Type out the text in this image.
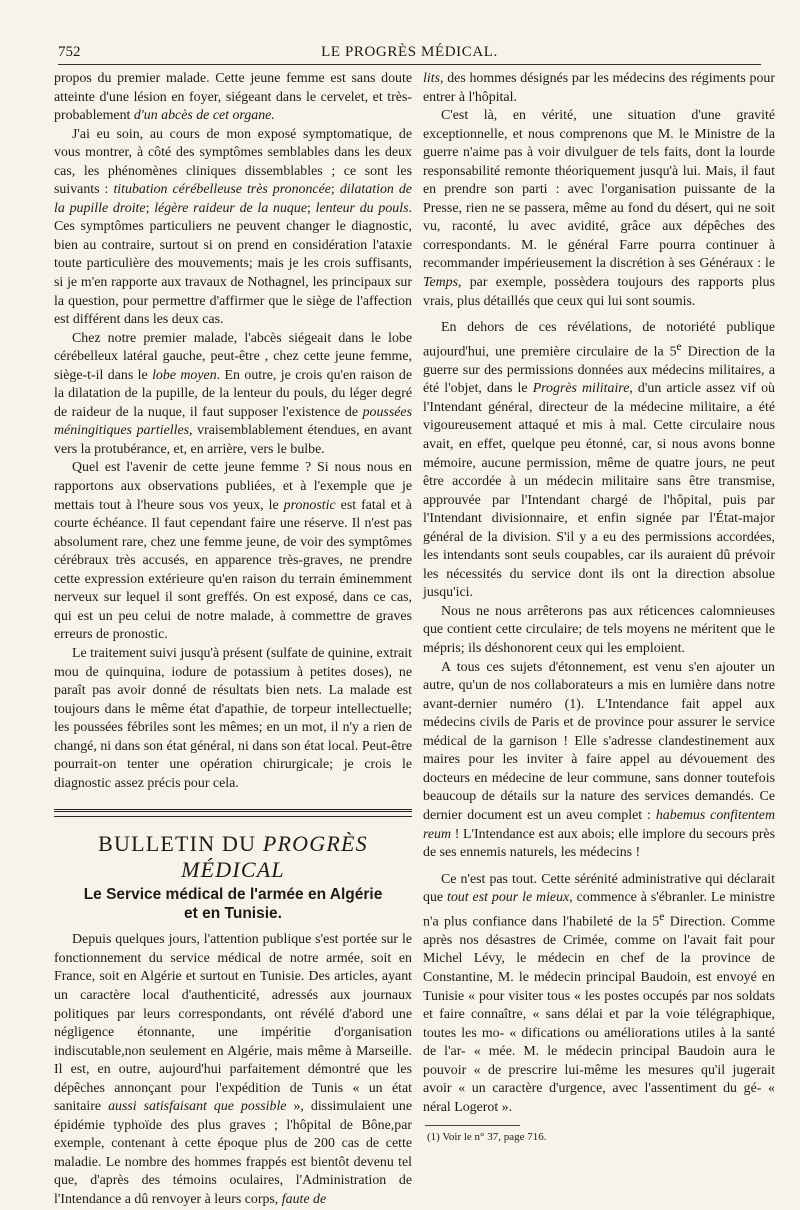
752	LE PROGRÈS MÉDICAL.

propos du premier malade. Cette jeune femme est sans doute atteinte d'une lésion en foyer, siégeant dans le cervelet, et très-probablement d'un abcès de cet organe.

J'ai eu soin, au cours de mon exposé symptomatique, de vous montrer, à côté des symptômes semblables dans les deux cas, les phénomènes cliniques dissemblables ; ce sont les suivants : titubation cérébelleuse très prononcée; dilatation de la pupille droite; légère raideur de la nuque; lenteur du pouls. Ces symptômes particuliers ne peuvent changer le diagnostic, bien au contraire, surtout si on prend en considération l'ataxie toute particulière des mouvements; mais je les crois suffisants, si je m'en rapporte aux travaux de Nothagnel, les principaux sur la question, pour permettre d'affirmer que le siège de l'affection est différent dans les deux cas.

Chez notre premier malade, l'abcès siégeait dans le lobe cérébelleux latéral gauche, peut-être , chez cette jeune femme, siège-t-il dans le lobe moyen. En outre, je crois qu'en raison de la dilatation de la pupille, de la lenteur du pouls, du léger degré de raideur de la nuque, il faut supposer l'existence de poussées méningitiques partielles, vraisemblablement étendues, en avant vers la protubérance, et, en arrière, vers le bulbe.

Quel est l'avenir de cette jeune femme ? Si nous nous en rapportons aux observations publiées, et à l'exemple que je mettais tout à l'heure sous vos yeux, le pronostic est fatal et à courte échéance. Il faut cependant faire une réserve. Il n'est pas absolument rare, chez une femme jeune, de voir des symptômes cérébraux très accusés, en apparence très-graves, ne prendre cette expression extérieure qu'en raison du terrain éminemment nerveux sur lequel il sont greffés. On est exposé, dans ce cas, qui est un peu celui de notre malade, à commettre de graves erreurs de pronostic.

Le traitement suivi jusqu'à présent (sulfate de quinine, extrait mou de quinquina, iodure de potassium à petites doses), ne paraît pas avoir donné de résultats bien nets. La malade est toujours dans le même état d'apathie, de torpeur intellectuelle; les poussées fébriles sont les mêmes; en un mot, il n'y a rien de changé, ni dans son état général, ni dans son état local. Peut-être pourrait-on tenter une opération chirurgicale; je crois le diagnostic assez précis pour cela.

BULLETIN DU PROGRÈS MÉDICAL
Le Service médical de l'armée en Algérie
et en Tunisie.

Depuis quelques jours, l'attention publique s'est portée sur le fonctionnement du service médical de notre armée, soit en France, soit en Algérie et surtout en Tunisie. Des articles, ayant un caractère local d'authenticité, adressés aux journaux politiques par leurs correspondants, ont révélé d'abord une négligence étonnante, une impéritie d'organisation indiscutable,non seulement en Algérie, mais même à Marseille. Il est, en outre, aujourd'hui parfaitement démontré que les dépêches annonçant pour l'expédition de Tunis « un état sanitaire aussi satisfaisant que possible », dissimulaient une épidémie typhoïde des plus graves ; l'hôpital de Bône,par exemple, contenant à cette époque plus de 200 cas de cette maladie. Le nombre des hommes frappés est bientôt devenu tel que, d'après des témoins oculaires, l'Administration de l'Intendance a dû renvoyer à leurs corps, faute de

lits, des hommes désignés par les médecins des régiments pour entrer à l'hôpital.

C'est là, en vérité, une situation d'une gravité exceptionnelle, et nous comprenons que M. le Ministre de la guerre n'aime pas à voir divulguer de tels faits, dont la lourde responsabilité remonte théoriquement jusqu'à lui. Mais, il faut en prendre son parti : avec l'organisation puissante de la Presse, rien ne se passera, même au fond du désert, qui ne soit vu, raconté, lu avec avidité, grâce aux dépêches des correspondants. M. le général Farre pourra continuer à recommander impérieusement la discrétion à ses Généraux : le Temps, par exemple, possèdera toujours des rapports plus vrais, plus détaillés que ceux qui lui sont soumis.

En dehors de ces révélations, de notoriété publique aujourd'hui, une première circulaire de la 5e Direction de la guerre sur des permissions données aux médecins militaires, a été l'objet, dans le Progrès militaire, d'un article assez vif où l'Intendant général, directeur de la médecine militaire, a été vigoureusement attaqué et mis à mal. Cette circulaire nous avait, en effet, quelque peu étonné, car, si nous avons bonne mémoire, aucune permission, même de quatre jours, ne peut être accordée à un médecin militaire sans être transmise, approuvée par l'Intendant chargé de l'hôpital, puis par l'Intendant divisionnaire, et enfin signée par l'État-major général de la division. S'il y a eu des permissions accordées, les intendants sont seuls coupables, car ils auraient dû prévoir les nécessités du service dont ils ont la direction absolue jusqu'ici.

Nous ne nous arrêterons pas aux réticences calomnieuses que contient cette circulaire; de tels moyens ne méritent que le mépris; ils déshonorent ceux qui les emploient.

A tous ces sujets d'étonnement, est venu s'en ajouter un autre, qu'un de nos collaborateurs a mis en lumière dans notre avant-dernier numéro (1). L'Intendance fait appel aux médecins civils de Paris et de province pour assurer le service médical de la garnison ! Elle s'adresse clandestinement aux maires pour les inviter à faire appel au dévouement des docteurs en médecine de leur commune, sans donner toutefois beaucoup de détails sur la nature des services demandés. Ce dernier document est un aveu complet : habemus confitentem reum ! L'Intendance est aux abois; elle implore du secours près de ses ennemis naturels, les médecins !

Ce n'est pas tout. Cette sérénité administrative qui déclarait que tout est pour le mieux, commence à s'ébranler. Le ministre n'a plus confiance dans l'habileté de la 5e Direction. Comme après nos désastres de Crimée, comme on l'avait fait pour Michel Lévy, le médecin en chef de la province de Constantine, M. le médecin principal Baudoin, est envoyé en Tunisie « pour visiter tous « les postes occupés par nos soldats et faire connaître, « sans délai et par la voie télégraphique, toutes les mo- « difications ou améliorations utiles à la santé de l'ar- « mée. M. le médecin principal Baudoin aura le pouvoir « de prescrire lui-même les mesures qu'il jugerait avoir « un caractère d'urgence, avec l'assentiment du gé- « néral Logerot ».

(1) Voir le n° 37, page 716.
